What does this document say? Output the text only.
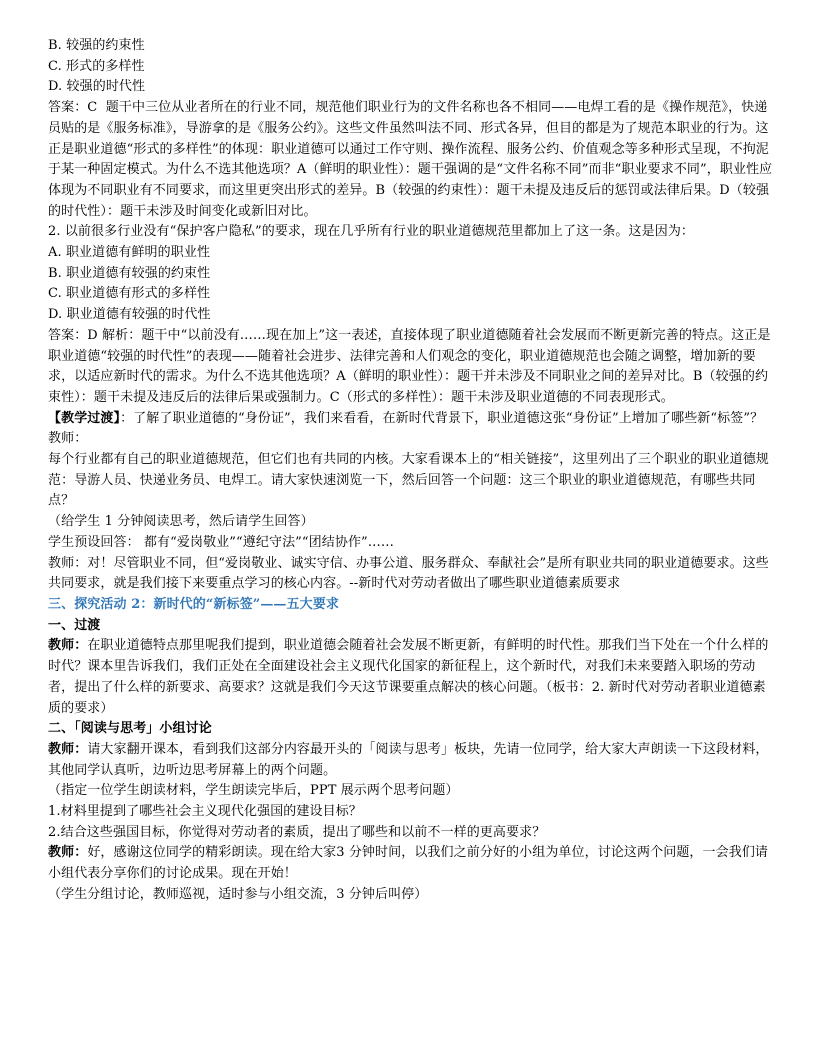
B. 较强的约束性
C. 形式的多样性
D. 较强的时代性
答案：C  题干中三位从业者所在的行业不同，规范他们职业行为的文件名称也各不相同——电焊工看的是《操作规范》，快递员贴的是《服务标准》，导游拿的是《服务公约》。这些文件虽然叫法不同、形式各异，但目的都是为了规范本职业的行为。这正是职业道德“形式的多样性”的体现：职业道德可以通过工作守则、操作流程、服务公约、价值观念等多种形式呈现，不拘泥于某一种固定模式。为什么不选其他选项？A（鲜明的职业性）：题干强调的是“文件名称不同”而非“职业要求不同”，职业性应体现为不同职业有不同要求，而这里更突出形式的差异。B（较强的约束性）：题干未提及违反后的惩罚或法律后果。D（较强的时代性）：题干未涉及时间变化或新旧对比。
2. 以前很多行业没有“保护客户隐私”的要求，现在几乎所有行业的职业道德规范里都加上了这一条。这是因为：
A. 职业道德有鲜明的职业性
B. 职业道德有较强的约束性
C. 职业道德有形式的多样性
D. 职业道德有较强的时代性
答案：D 解析：题干中“以前没有……现在加上”这一表述，直接体现了职业道德随着社会发展而不断更新完善的特点。这正是职业道德“较强的时代性”的表现——随着社会进步、法律完善和人们观念的变化，职业道德规范也会随之调整，增加新的要求，以适应新时代的需求。为什么不选其他选项？A（鲜明的职业性）：题干并未涉及不同职业之间的差异对比。B（较强的约束性）：题干未提及违反后的法律后果或强制力。C（形式的多样性）：题干未涉及职业道德的不同表现形式。
【教学过渡】：了解了职业道德的“身份证”，我们来看看，在新时代背景下，职业道德这张“身份证”上增加了哪些新“标签”？
教师：
每个行业都有自己的职业道德规范，但它们也有共同的内核。大家看课本上的“相关链接”，这里列出了三个职业的职业道德规范：导游人员、快递业务员、电焊工。请大家快速浏览一下，然后回答一个问题：这三个职业的职业道德规范，有哪些共同点？
（给学生 1 分钟阅读思考，然后请学生回答）
学生预设回答： 都有“爱岗敬业”“遵纪守法”“团结协作”……
教师：对！尽管职业不同，但“爱岗敬业、诚实守信、办事公道、服务群众、奉献社会”是所有职业共同的职业道德要求。这些共同要求，就是我们接下来要重点学习的核心内容。--新时代对劳动者做出了哪些职业道德素质要求
三、探究活动 2：新时代的“新标签”——五大要求
一、过渡
教师：在职业道德特点那里呢我们提到，职业道德会随着社会发展不断更新，有鲜明的时代性。那我们当下处在一个什么样的时代？课本里告诉我们，我们正处在全面建设社会主义现代化国家的新征程上，这个新时代，对我们未来要踏入职场的劳动者，提出了什么样的新要求、高要求？这就是我们今天这节课要重点解决的核心问题。（板书：2. 新时代对劳动者职业道德素质的要求）
二、「阅读与思考」小组讨论
教师：请大家翻开课本，看到我们这部分内容最开头的「阅读与思考」板块，先请一位同学，给大家大声朗读一下这段材料，其他同学认真听，边听边思考屏幕上的两个问题。
（指定一位学生朗读材料，学生朗读完毕后，PPT 展示两个思考问题）
1.材料里提到了哪些社会主义现代化强国的建设目标？
2.结合这些强国目标，你觉得对劳动者的素质，提出了哪些和以前不一样的更高要求？
教师：好，感谢这位同学的精彩朗读。现在给大家3 分钟时间，以我们之前分好的小组为单位，讨论这两个问题，一会我们请小组代表分享你们的讨论成果。现在开始！
（学生分组讨论，教师巡视，适时参与小组交流，3 分钟后叫停）
